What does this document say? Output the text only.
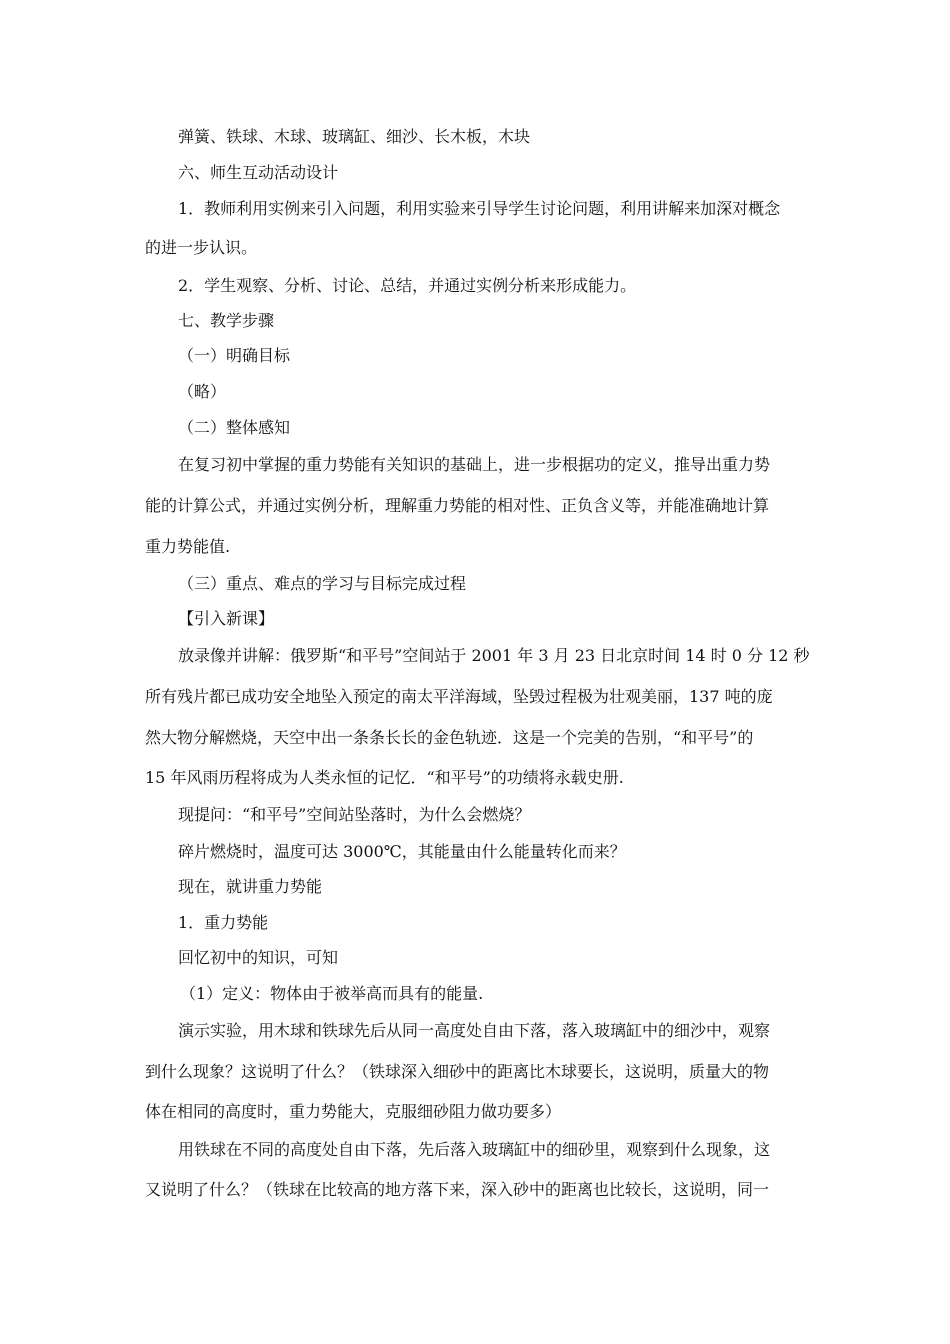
弹簧、铁球、木球、玻璃缸、细沙、长木板，木块
六、师生互动活动设计
1．教师利用实例来引入问题，利用实验来引导学生讨论问题，利用讲解来加深对概念
的进一步认识。
2．学生观察、分析、讨论、总结，并通过实例分析来形成能力。
七、教学步骤
（一）明确目标
（略）
（二）整体感知
在复习初中掌握的重力势能有关知识的基础上，进一步根据功的定义，推导出重力势
能的计算公式，并通过实例分析，理解重力势能的相对性、正负含义等，并能准确地计算
重力势能值.
（三）重点、难点的学习与目标完成过程
【引入新课】
放录像并讲解：俄罗斯“和平号”空间站于 2001 年 3 月 23 日北京时间 14 时 0 分 12 秒
所有残片都已成功安全地坠入预定的南太平洋海域，坠毁过程极为壮观美丽，137 吨的庞
然大物分解燃烧，天空中出一条条长长的金色轨迹．这是一个完美的告别，“和平号”的
15 年风雨历程将成为人类永恒的记忆．“和平号”的功绩将永载史册.
现提问：“和平号”空间站坠落时，为什么会燃烧？
碎片燃烧时，温度可达 3000℃，其能量由什么能量转化而来？
现在，就讲重力势能
1．重力势能
回忆初中的知识，可知
（1）定义：物体由于被举高而具有的能量.
演示实验，用木球和铁球先后从同一高度处自由下落，落入玻璃缸中的细沙中，观察
到什么现象？这说明了什么？（铁球深入细砂中的距离比木球要长，这说明，质量大的物
体在相同的高度时，重力势能大，克服细砂阻力做功要多）
用铁球在不同的高度处自由下落，先后落入玻璃缸中的细砂里，观察到什么现象，这
又说明了什么？（铁球在比较高的地方落下来，深入砂中的距离也比较长，这说明，同一
